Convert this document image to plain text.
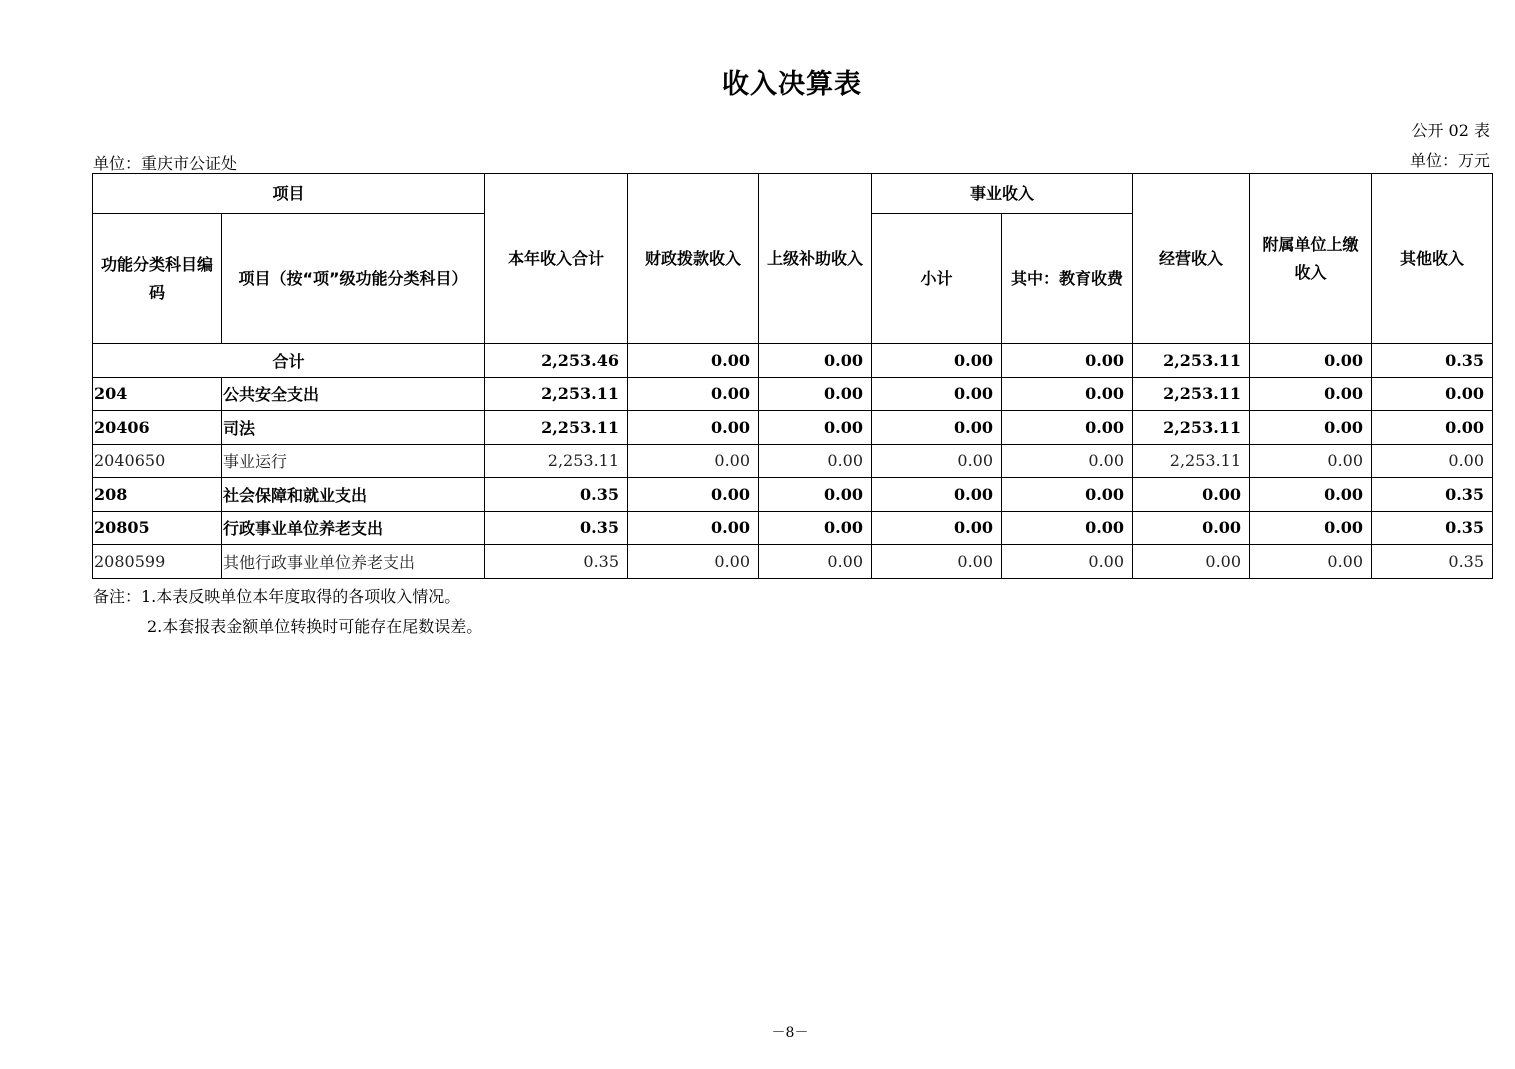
收入决算表
公开 02 表
单位：重庆市公证处	单位：万元
项目		本年收入合计	财政拨款收入	上级补助收入	事业收入		经营收入	附属单位上缴收入	其他收入
功能分类科目编码	项目（按“项”级功能分类科目）				小计	其中：教育收费			
合计		2,253.46	0.00	0.00	0.00	0.00	2,253.11	0.00	0.35
204	公共安全支出	2,253.11	0.00	0.00	0.00	0.00	2,253.11	0.00	0.00
20406	司法	2,253.11	0.00	0.00	0.00	0.00	2,253.11	0.00	0.00
2040650	事业运行	2,253.11	0.00	0.00	0.00	0.00	2,253.11	0.00	0.00
208	社会保障和就业支出	0.35	0.00	0.00	0.00	0.00	0.00	0.00	0.35
20805	行政事业单位养老支出	0.35	0.00	0.00	0.00	0.00	0.00	0.00	0.35
2080599	其他行政事业单位养老支出	0.35	0.00	0.00	0.00	0.00	0.00	0.00	0.35
备注：1.本表反映单位本年度取得的各项收入情况。
2.本套报表金额单位转换时可能存在尾数误差。
－8－
